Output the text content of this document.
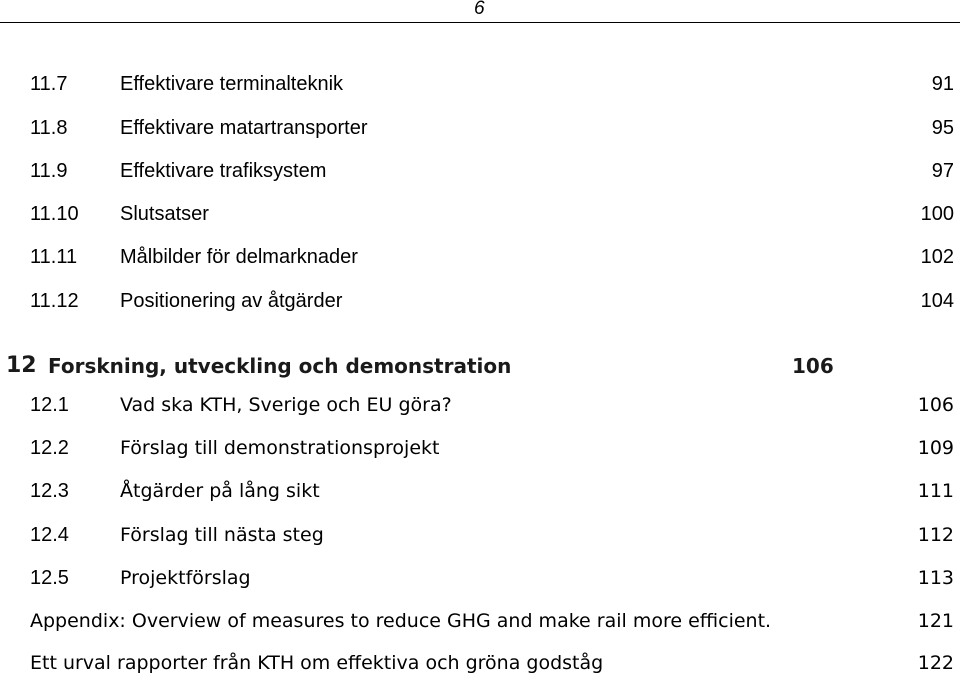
6
11.7	Effektivare terminalteknik	91
11.8	Effektivare matartransporter	95
11.9	Effektivare trafiksystem	97
11.10 Slutsatser	100
11.11 Målbilder för delmarknader	102
11.12 Positionering av åtgärder	104
12 Forskning, utveckling och demonstration	106
12.1	Vad ska KTH, Sverige och EU göra?	106
12.2	Förslag till demonstrationsprojekt	109
12.3	Åtgärder på lång sikt	111
12.4	Förslag till nästa steg	112
12.5	Projektförslag	113
Appendix: Overview of measures to reduce GHG and make rail more efficient.	121
Ett urval rapporter från KTH om effektiva och gröna godståg	122
